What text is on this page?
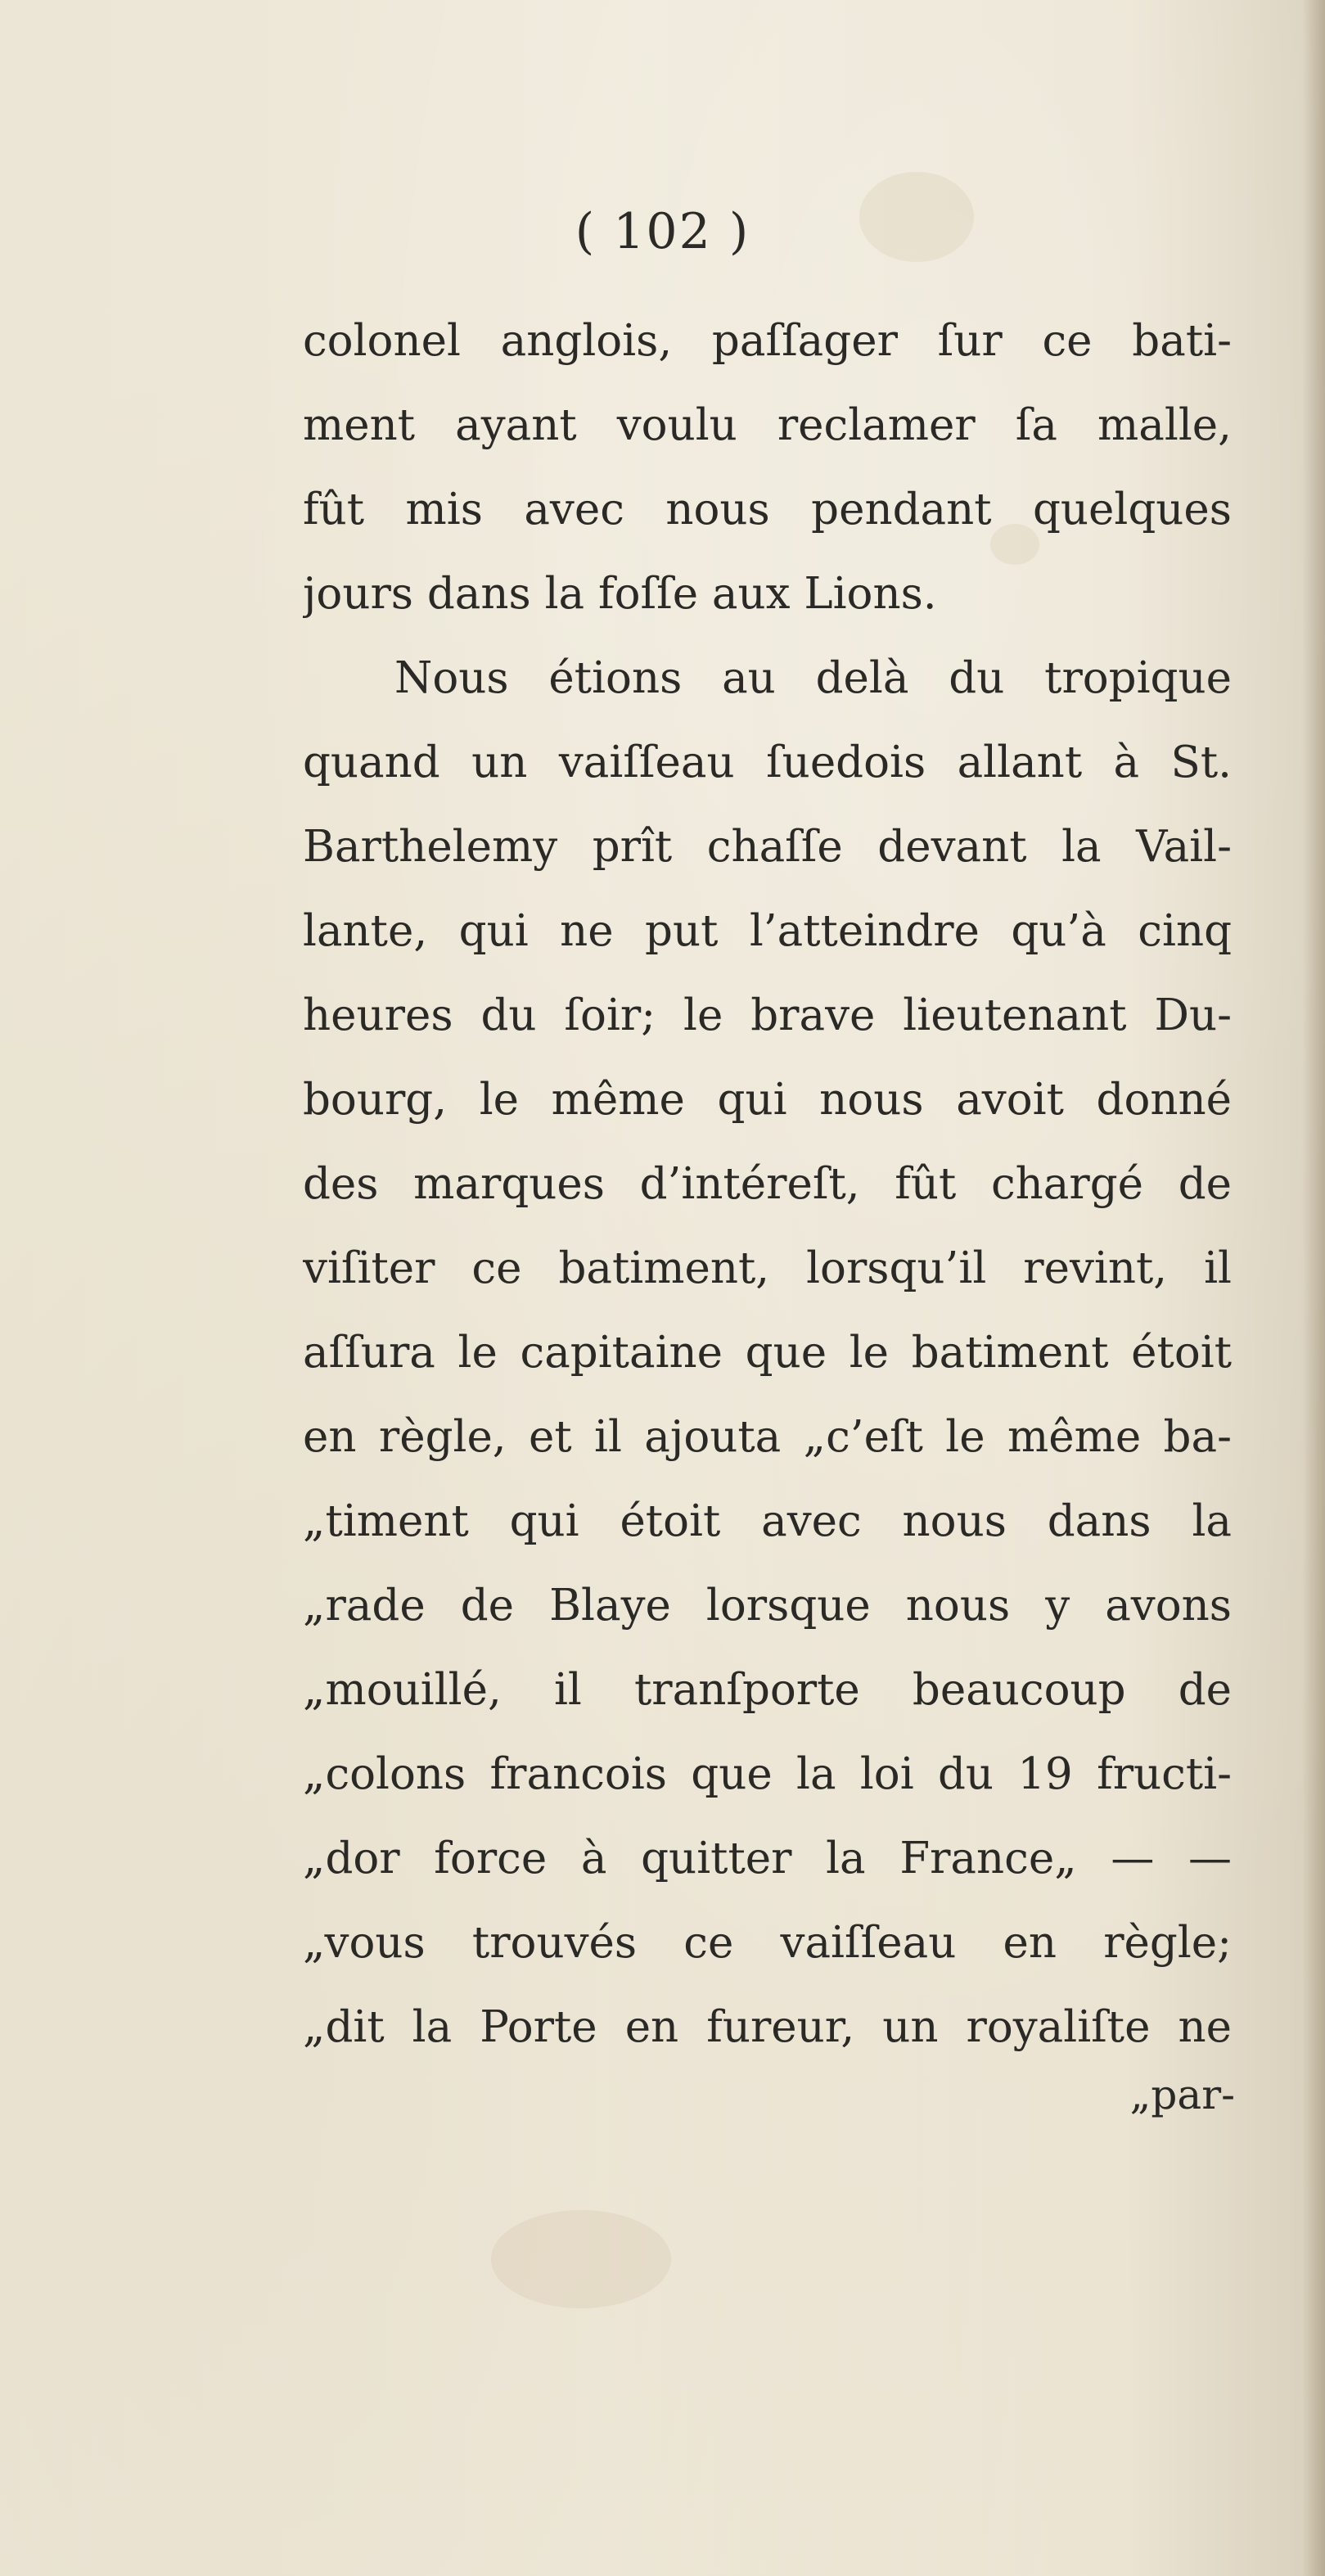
( 102 )
colonel anglois, paſſager ſur ce bati-
ment ayant voulu reclamer ſa malle,
fût mis avec nous pendant quelques
jours dans la foſſe aux Lions.
Nous étions au delà du tropique
quand un vaiſſeau ſuedois allant à St.
Barthelemy prît chaſſe devant la Vail-
lante, qui ne put l’atteindre qu’à cinq
heures du ſoir; le brave lieutenant Du-
bourg, le même qui nous avoit donné
des marques d’intéreſt, fût chargé de
viſiter ce batiment, lorsqu’il revint, il
aſſura le capitaine que le batiment étoit
en règle, et il ajouta „c’eſt le même ba-
„timent qui étoit avec nous dans la
„rade de Blaye lorsque nous y avons
„mouillé, il tranſporte beaucoup de
„colons francois que la loi du 19 fructi-
„dor force à quitter la France„ — —
„vous trouvés ce vaiſſeau en règle;
„dit la Porte en fureur, un royaliſte ne
„par-
